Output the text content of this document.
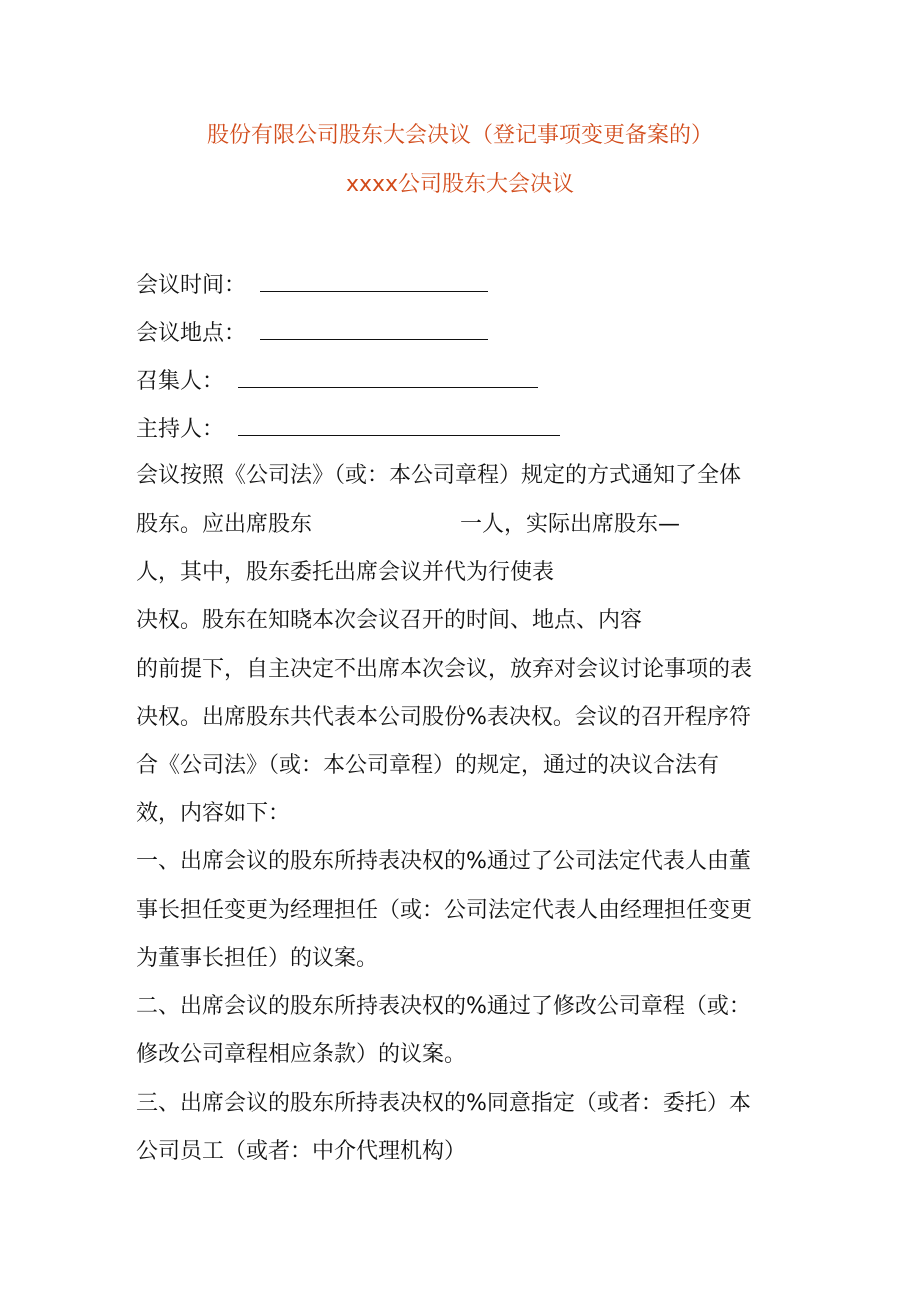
股份有限公司股东大会决议（登记事项变更备案的）
xxxx公司股东大会决议
会议时间：
会议地点：
召集人：
主持人：
会议按照《公司法》（或：本公司章程）规定的方式通知了全体
股东。应出席股东	一人，实际出席股东—
人，其中，股东委托出席会议并代为行使表
决权。股东在知晓本次会议召开的时间、地点、内容
的前提下，自主决定不出席本次会议，放弃对会议讨论事项的表
决权。出席股东共代表本公司股份%表决权。会议的召开程序符
合《公司法》（或：本公司章程）的规定，通过的决议合法有
效，内容如下：
一、出席会议的股东所持表决权的%通过了公司法定代表人由董
事长担任变更为经理担任（或：公司法定代表人由经理担任变更
为董事长担任）的议案。
二、出席会议的股东所持表决权的%通过了修改公司章程（或：
修改公司章程相应条款）的议案。
三、出席会议的股东所持表决权的%同意指定（或者：委托）本
公司员工（或者：中介代理机构）
